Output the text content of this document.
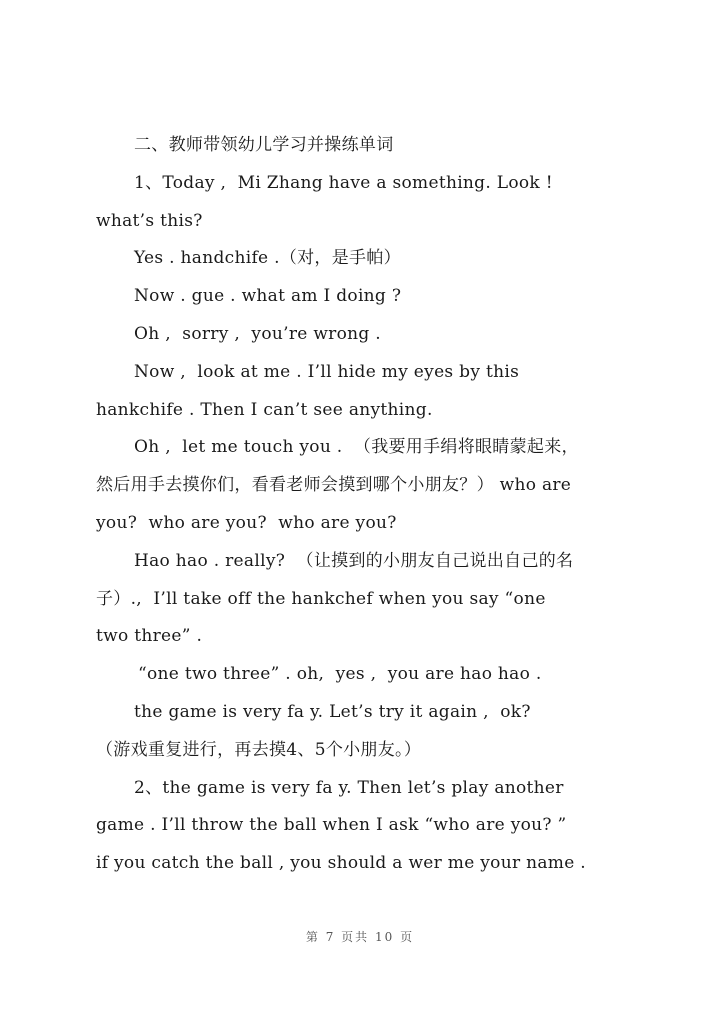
二、教师带领幼儿学习并操练单词
1、Today ,  Mi Zhang have a something. Look !
what’s this?
Yes . handchife .（对，是手帕）
Now . gue . what am I doing ?
Oh ,  sorry ,  you’re wrong .
Now ,  look at me . I’ll hide my eyes by this
hankchife . Then I can’t see anything.
Oh ,  let me touch you .  （我要用手绢将眼睛蒙起来，
然后用手去摸你们，看看老师会摸到哪个小朋友？） who are
you?  who are you?  who are you?
Hao hao . really?  （让摸到的小朋友自己说出自己的名
子）.,  I’ll take off the hankchef when you say “one
two three” .
“one two three” . oh,  yes ,  you are hao hao .
the game is very fa y. Let’s try it again ,  ok?
（游戏重复进行，再去摸4、5个小朋友。）
2、the game is very fa y. Then let’s play another
game . I’ll throw the ball when I ask “who are you? ”
if you catch the ball , you should a wer me your name .
第 7 页共 10 页
